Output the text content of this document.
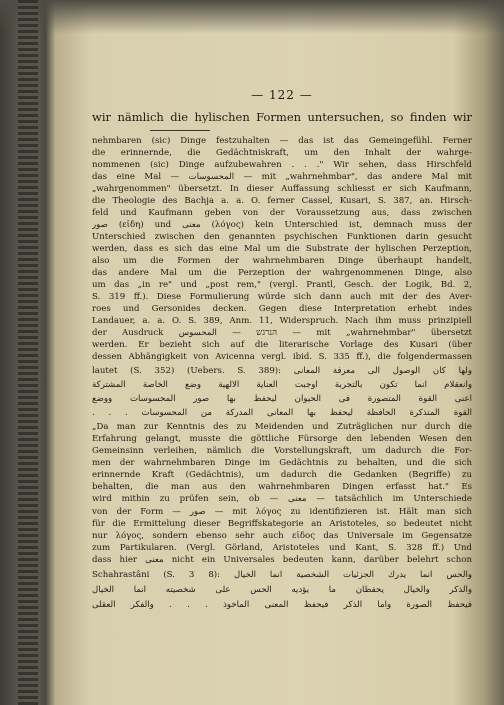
— 122 —
wir nämlich die hylischen Formen untersuchen, so finden wir
nehmbaren (sic) Dinge festzuhalten — das ist das Gemeingefühl. Ferner
die erinnernde, die Gedächtniskraft, um den Inhalt der wahrge-
nommenen (sic) Dinge aufzubewahren . . ." Wir sehen, dass Hirschfeld
das eine Mal — المحسوسات — mit „wahrnehmbar", das andere Mal mit
„wahrgenommen" übersetzt. In dieser Auffassung schliesst er sich Kaufmann,
die Theologie des Bachja a. a. O. ferner Cassel, Kusari, S. 387, an. Hirsch-
feld und Kaufmann geben von der Voraussetzung aus, dass zwischen
صور (εἶδη) und معنى (λόγος) kein Unterschied ist, demnach muss der
Unterschied zwischen den genannten psychischen Funktionen darin gesucht
werden, dass es sich das eine Mal um die Substrate der hylischen Perzeption,
also um die Formen der wahrnehmbaren Dinge überhaupt handelt,
das andere Mal um die Perzeption der wahrgenommenen Dinge, also
um das „in re" und „post rem," (vergl. Prantl, Gesch. der Logik, Bd. 2,
S. 319 ff.). Diese Formulierung würde sich dann auch mit der des Aver-
roes und Gersonides decken. Gegen diese Interpretation erhebt indes
Landauer, a. a. O. S. 389, Anm. 11, Widerspruch. Nach ihm muss prinzipiell
der Ausdruck הנרגש — المحسوس — mit „wahrnehmbar" übersetzt
werden. Er bezieht sich auf die literarische Vorlage des Kusari (über
dessen Abhängigkeit von Avicenna vergl. ibid. S. 335 ff.), die folgendermassen
lautet (S. 352) (Uebers. S. 389): ولها كان الوصول الى معرفة المعانى
وانعقلام انما تكون بالتجربة اوجبت العناية الالهية وضع الخاصة المشتركة
اعنى القوة المتصورة فى الحيوان ليحفظ بها صور المحسوسات ووضع
القوة المتذكرة الحافظة ليحفظ بها المعانى المدركة من المحسوسات . . .
„Da man zur Kenntnis des zu Meidenden und Zuträglichen nur durch die
Erfahrung gelangt, musste die göttliche Fürsorge den lebenden Wesen den
Gemeinsinn verleihen, nämlich die Vorstellungskraft, um dadurch die For-
men der wahrnehmbaren Dinge im Gedächtnis zu behalten, und die sich
erinnernde Kraft (Gedächtnis), um dadurch die Gedanken (Begriffe) zu
behalten, die man aus den wahrnehmbaren Dingen erfasst hat." Es
wird mithin zu prüfen sein, ob — معنى — tatsächlich im Unterschiede
von der Form — صور — mit λόγος zu identifizieren ist. Hält man sich
für die Ermittelung dieser Begriffskategorie an Aristoteles, so bedeutet nicht
nur λόγος, sondern ebenso sehr auch εἶδος das Universale im Gegensatze
zum Partikularen. (Vergl. Görland, Aristoteles und Kant, S. 328 ff.) Und
dass hier معنى nicht ein Universales bedeuten kann, darüber belehrt schon
Schahrastâni (S. 3 8): والحس انما يدرك الجزئيات الشخصية انما الخيال
والذكر والخيال يحفظان ما يؤديه الحس على شخصيته انما الخيال
فيحفظ الصورة واما الذكر فيحفظ المعنى المأخوذ . . . والفكر العقلى
